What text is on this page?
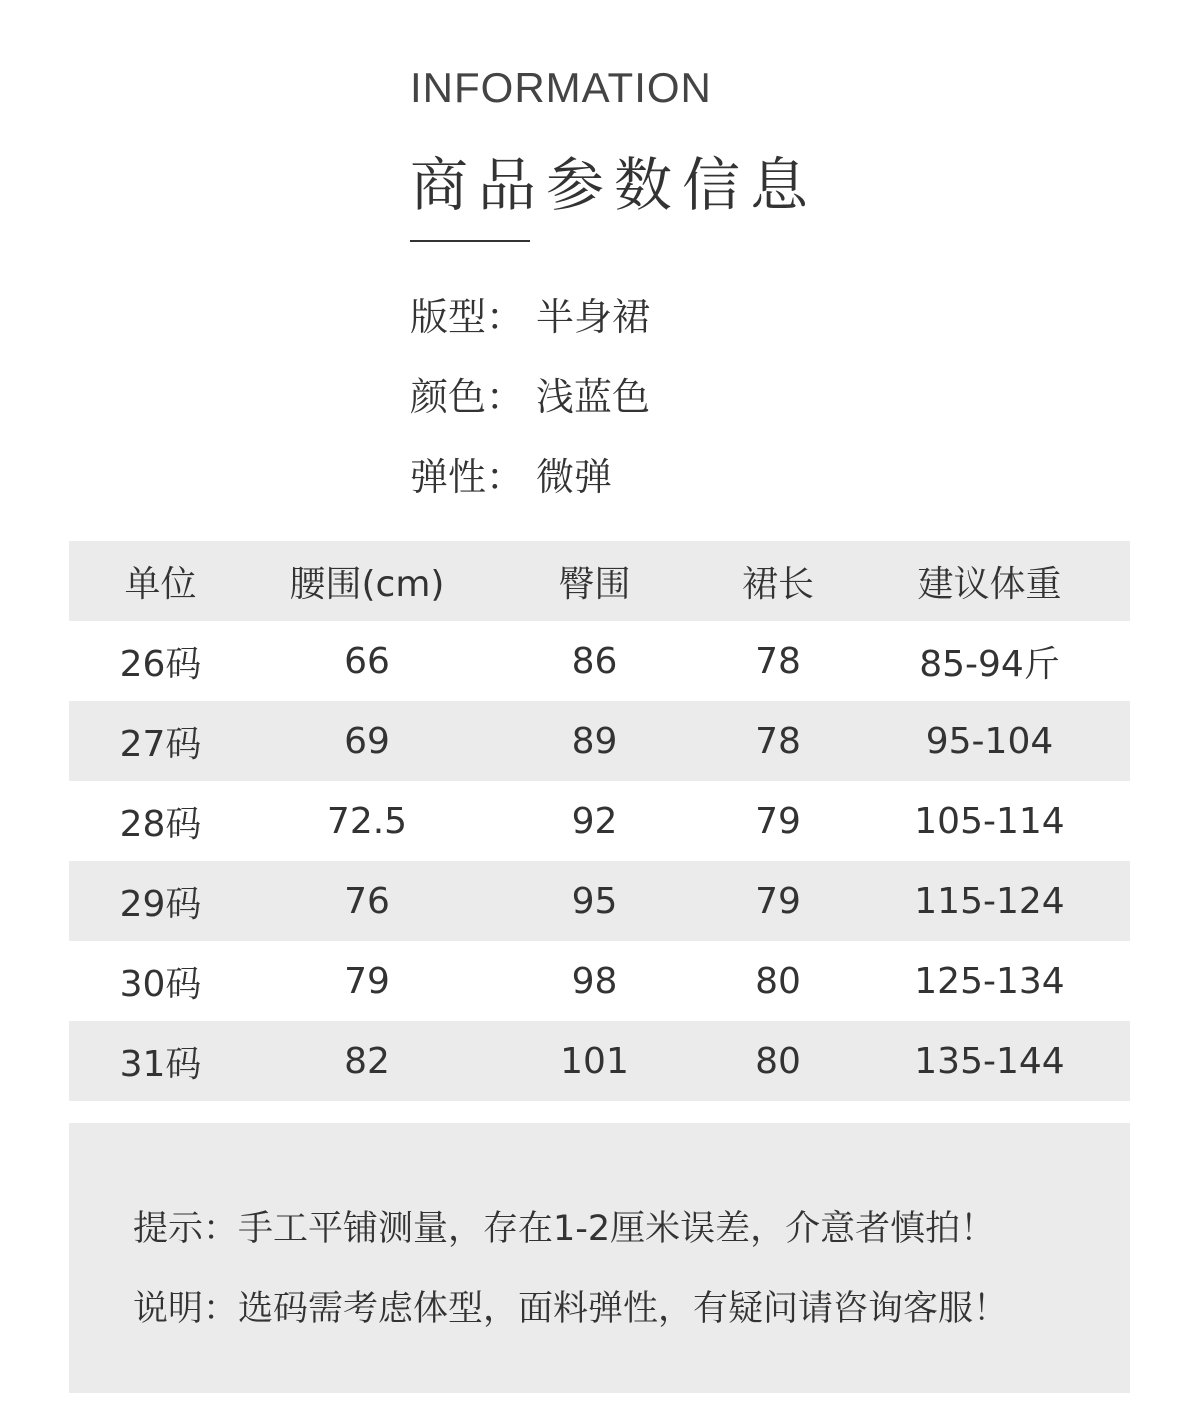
INFORMATION
商品参数信息
版型： 半身裙
颜色： 浅蓝色
弹性： 微弹
单位	腰围(cm)	臀围	裙长	建议体重
26码	66	86	78	85-94斤
27码	69	89	78	95-104
28码	72.5	92	79	105-114
29码	76	95	79	115-124
30码	79	98	80	125-134
31码	82	101	80	135-144
提示：手工平铺测量，存在1-2厘米误差，介意者慎拍！
说明：选码需考虑体型，面料弹性，有疑问请咨询客服！
